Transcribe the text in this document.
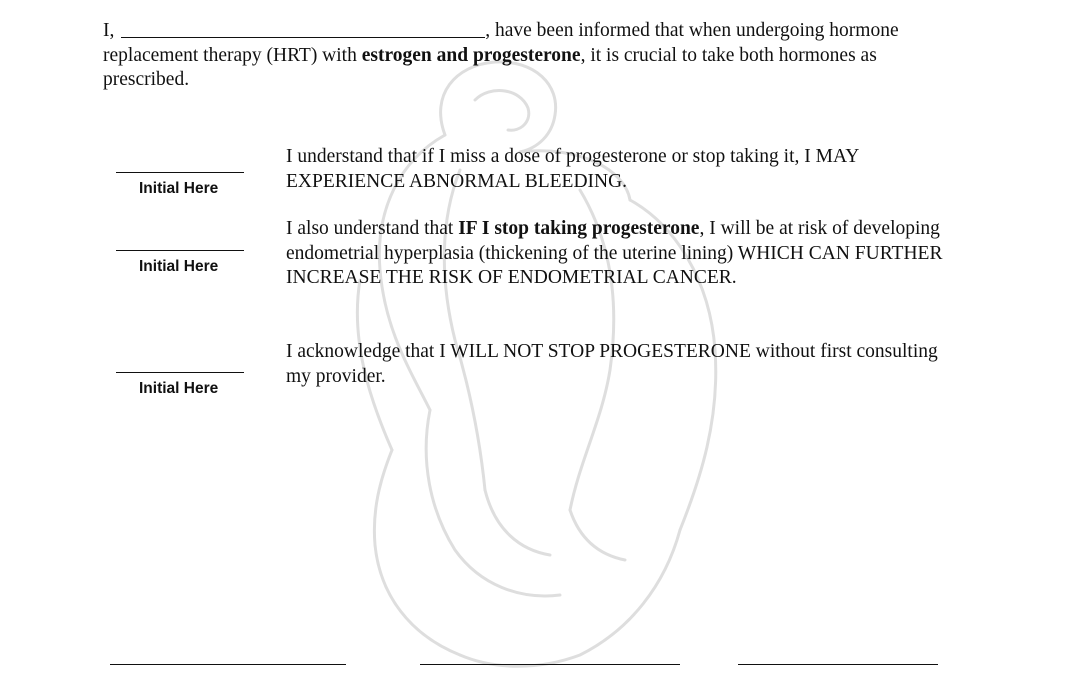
I,	, have been informed that when undergoing hormone replacement therapy (HRT) with estrogen and progesterone, it is crucial to take both hormones as prescribed.
Initial Here
Initial Here
Initial Here
I understand that if I miss a dose of progesterone or stop taking it, I MAY EXPERIENCE ABNORMAL BLEEDING.
I also understand that IF I stop taking progesterone, I will be at risk of developing endometrial hyperplasia (thickening of the uterine lining) WHICH CAN FURTHER INCREASE THE RISK OF ENDOMETRIAL CANCER.
I acknowledge that I WILL NOT STOP PROGESTERONE without first consulting my provider.
